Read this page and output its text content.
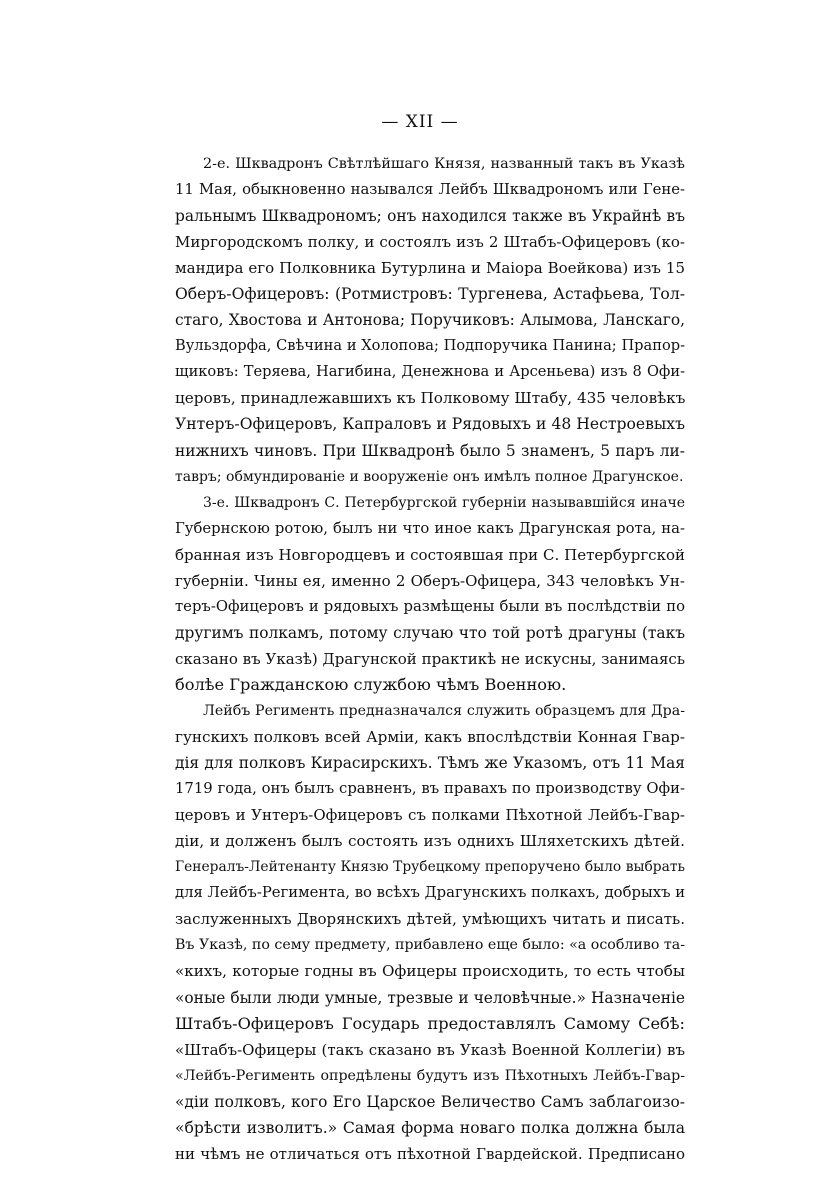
— XII —
2-е. Шквадронъ Свѣтлѣйшаго Князя, названный такъ въ Указѣ
11 Мая, обыкновенно назывался Лейбъ Шквадрономъ или Гене-
ральнымъ Шквадрономъ; онъ находился также въ Украйнѣ въ
Миргородскомъ полку, и состоялъ изъ 2 Штабъ-Офицеровъ (ко-
мандира его Полковника Бутурлина и Маіора Воейкова) изъ 15
Оберъ-Офицеровъ: (Ротмистровъ: Тургенева, Астафьева, Тол-
стаго, Хвостова и Антонова; Поручиковъ: Алымова, Ланскаго,
Вульздорфа, Свѣчина и Холопова; Подпоручика Панина; Прапор-
щиковъ: Теряева, Нагибина, Денежнова и Арсеньева) изъ 8 Офи-
церовъ, принадлежавшихъ къ Полковому Штабу, 435 человѣкъ
Унтеръ-Офицеровъ, Капраловъ и Рядовыхъ и 48 Нестроевыхъ
нижнихъ чиновъ. При Шквадронѣ было 5 знаменъ, 5 паръ ли-
тавръ; обмундированіе и вооруженіе онъ имѣлъ полное Драгунское.
3-е. Шквадронъ С. Петербургской губерніи называвшійся иначе
Губернскою ротою, былъ ни что иное какъ Драгунская рота, на-
бранная изъ Новгородцевъ и состоявшая при С. Петербургской
губерніи. Чины ея, именно 2 Оберъ-Офицера, 343 человѣкъ Ун-
теръ-Офицеровъ и рядовыхъ размѣщены были въ послѣдствіи по
другимъ полкамъ, потому случаю что той ротѣ драгуны (такъ
сказано въ Указѣ) Драгунской практикѣ не искусны, занимаясь
болѣе Гражданскою службою чѣмъ Военною.
Лейбъ Регименть предназначался служить образцемъ для Дра-
гунскихъ полковъ всей Арміи, какъ впослѣдствіи Конная Гвар-
дія для полковъ Кирасирскихъ. Тѣмъ же Указомъ, отъ 11 Мая
1719 года, онъ былъ сравненъ, въ правахъ по производству Офи-
церовъ и Унтеръ-Офицеровъ съ полками Пѣхотной Лейбъ-Гвар-
діи, и долженъ былъ состоять изъ однихъ Шляхетскихъ дѣтей.
Генералъ-Лейтенанту Князю Трубецкому препоручено было выбрать
для Лейбъ-Регимента, во всѣхъ Драгунскихъ полкахъ, добрыхъ и
заслуженныхъ Дворянскихъ дѣтей, умѣющихъ читать и писать.
Въ Указѣ, по сему предмету, прибавлено еще было: «а особливо та-
«кихъ, которые годны въ Офицеры происходить, то есть чтобы
«оные были люди умные, трезвые и человѣчные.» Назначеніе
Штабъ-Офицеровъ Государь предоставлялъ Самому Себѣ:
«Штабъ-Офицеры (такъ сказано въ Указѣ Военной Коллегіи) въ
«Лейбъ-Регименть опредѣлены будутъ изъ Пѣхотныхъ Лейбъ-Гвар-
«діи полковъ, кого Его Царское Величество Самъ заблагоизо-
«брѣсти изволитъ.» Самая форма новаго полка должна была
ни чѣмъ не отличаться отъ пѣхотной Гвардейской. Предписано
